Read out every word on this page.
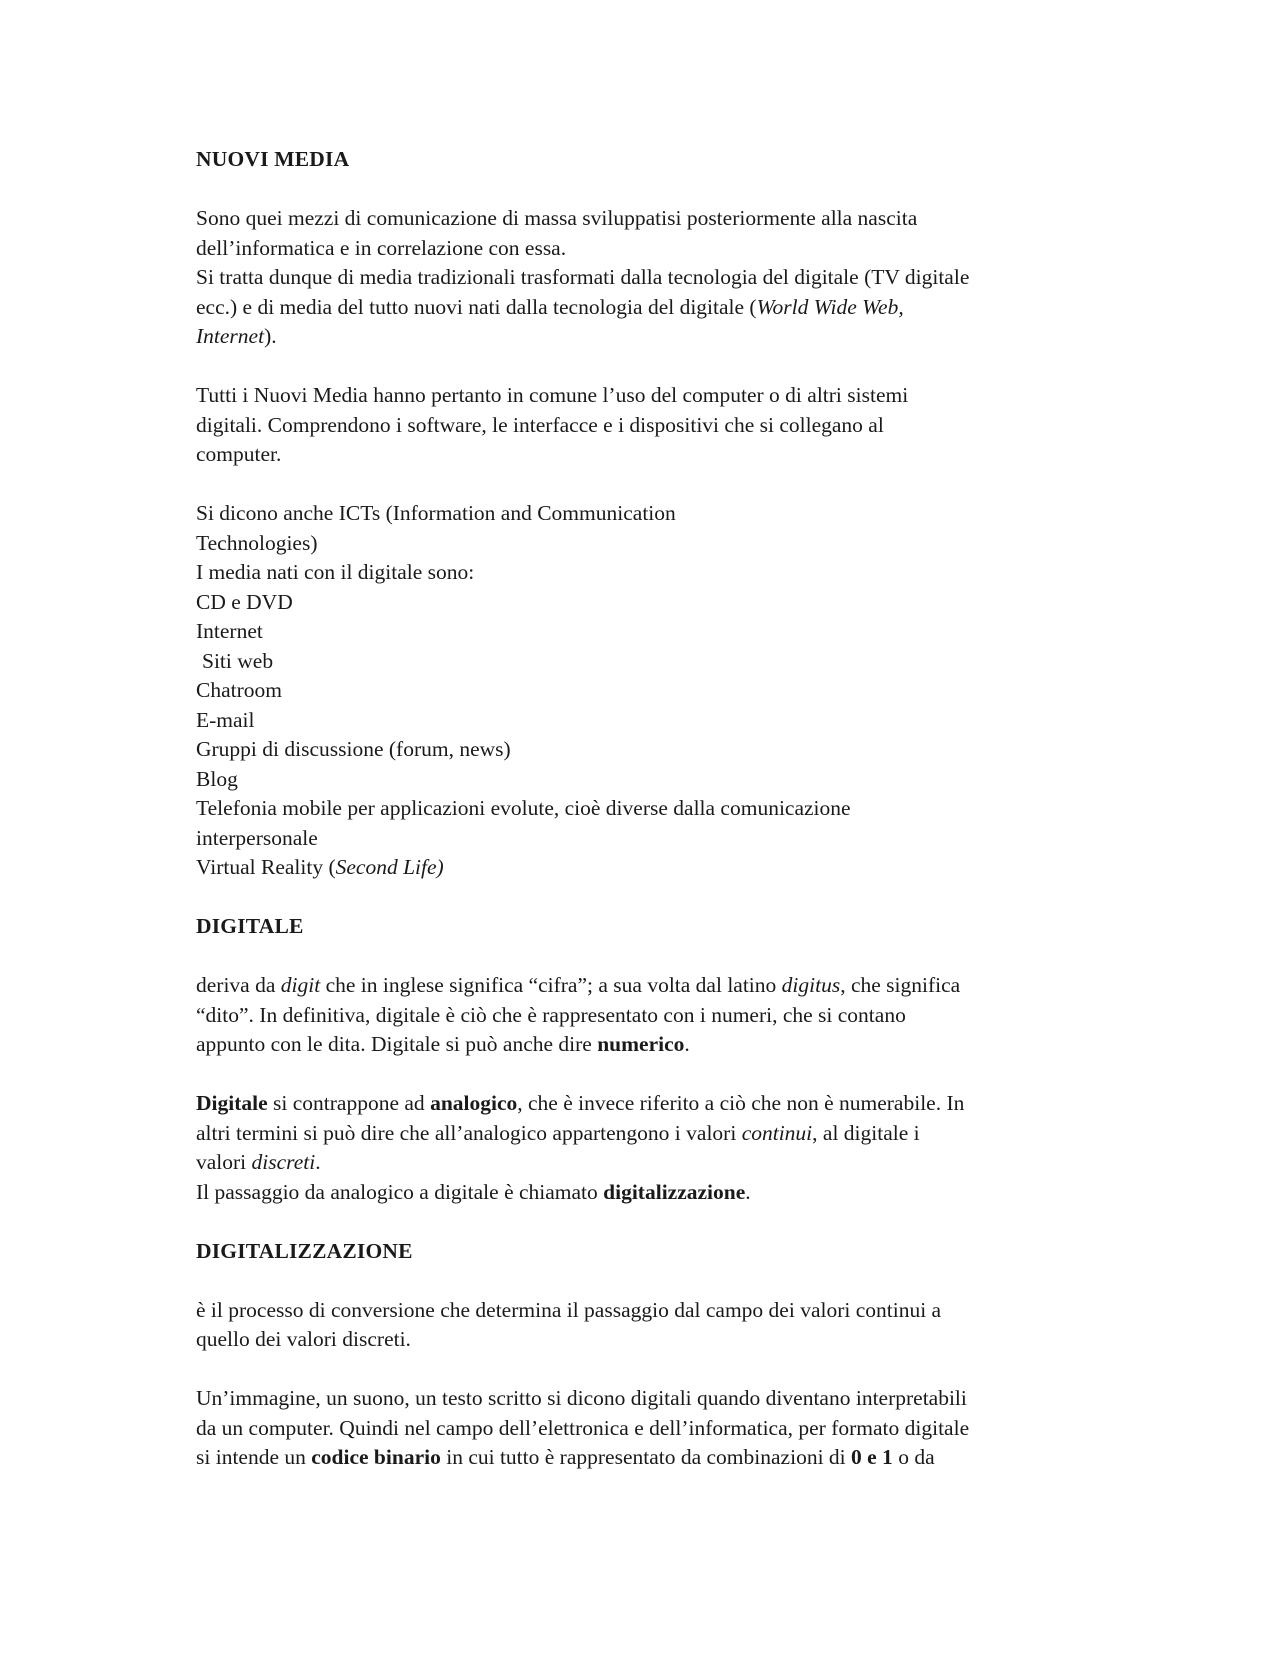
NUOVI MEDIA

Sono quei mezzi di comunicazione di massa sviluppatisi posteriormente alla nascita

dell’informatica e in correlazione con essa.

Si tratta dunque di media tradizionali trasformati dalla tecnologia del digitale (TV digitale

ecc.) e di media del tutto nuovi nati dalla tecnologia del digitale (World Wide Web,

Internet).

Tutti i Nuovi Media hanno pertanto in comune l’uso del computer o di altri sistemi

digitali. Comprendono i software, le interfacce e i dispositivi che si collegano al

computer.

Si dicono anche ICTs (Information and Communication

Technologies)

I media nati con il digitale sono:

CD e DVD

Internet

Siti web

Chatroom

E-mail

Gruppi di discussione (forum, news)

Blog

Telefonia mobile per applicazioni evolute, cioè diverse dalla comunicazione

interpersonale

Virtual Reality (Second Life)

DIGITALE

deriva da digit che in inglese significa “cifra”; a sua volta dal latino digitus, che significa

“dito”. In definitiva, digitale è ciò che è rappresentato con i numeri, che si contano

appunto con le dita. Digitale si può anche dire numerico.

Digitale si contrappone ad analogico, che è invece riferito a ciò che non è numerabile. In

altri termini si può dire che all’analogico appartengono i valori continui, al digitale i

valori discreti.

Il passaggio da analogico a digitale è chiamato digitalizzazione.

DIGITALIZZAZIONE

è il processo di conversione che determina il passaggio dal campo dei valori continui a

quello dei valori discreti.

Un’immagine, un suono, un testo scritto si dicono digitali quando diventano interpretabili

da un computer. Quindi nel campo dell’elettronica e dell’informatica, per formato digitale

si intende un codice binario in cui tutto è rappresentato da combinazioni di 0 e 1 o da
